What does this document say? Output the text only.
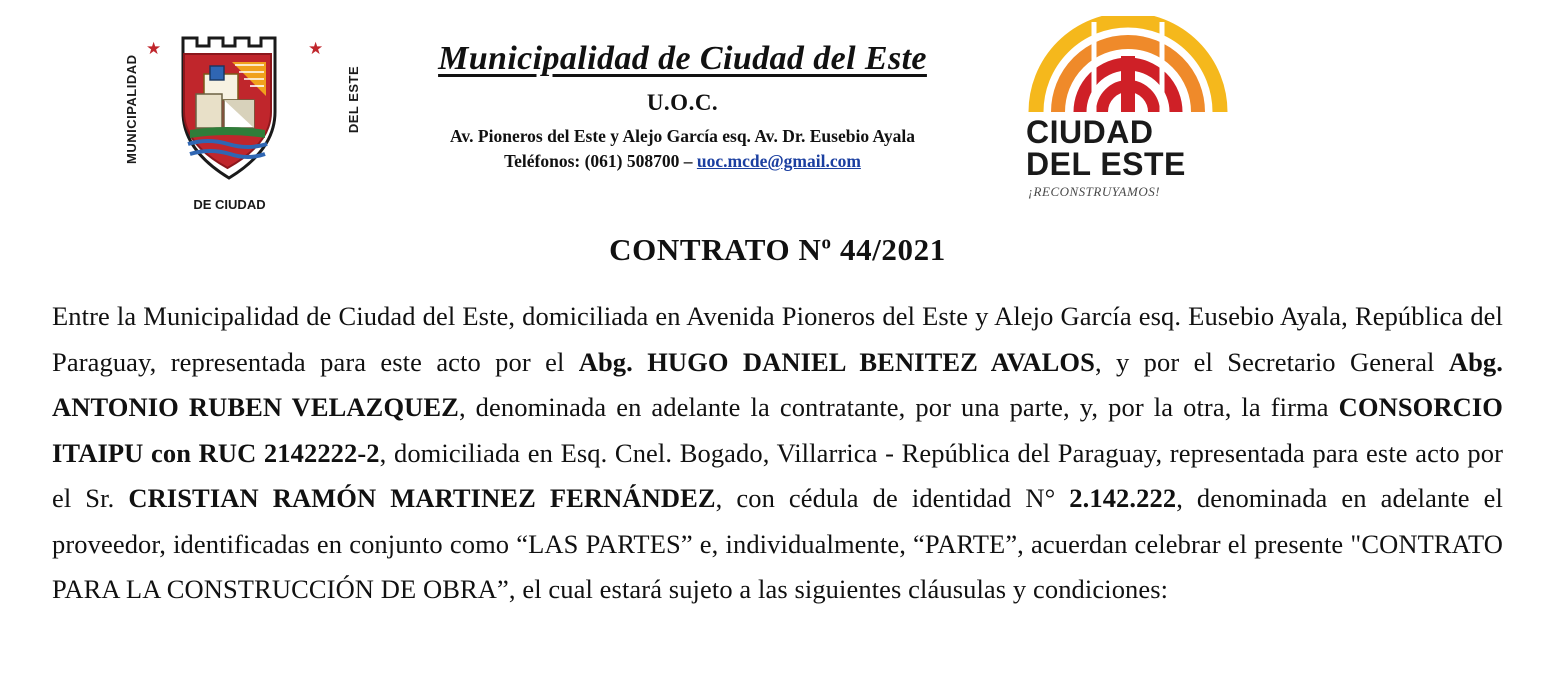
★	★
MUNICIPALIDAD	DEL ESTE
DE CIUDAD
Municipalidad de Ciudad del Este
U.O.C.
Av. Pioneros del Este y Alejo García esq. Av. Dr. Eusebio Ayala
Teléfonos: (061) 508700 – uoc.mcde@gmail.com
CIUDAD
DEL ESTE
¡RECONSTRUYAMOS!
CONTRATO $N^o$ 44/2021
Entre la Municipalidad de Ciudad del Este, domiciliada en Avenida Pioneros del Este y Alejo García esq. Eusebio Ayala, República del Paraguay, representada para este acto por el Abg. HUGO DANIEL BENITEZ AVALOS, y por el Secretario General Abg. ANTONIO RUBEN VELAZQUEZ, denominada en adelante la contratante, por una parte, y, por la otra, la firma CONSORCIO ITAIPU con RUC 2142222-2, domiciliada en Esq. Cnel. Bogado, Villarrica - República del Paraguay, representada para este acto por el Sr. CRISTIAN RAMÓN MARTINEZ FERNÁNDEZ, con cédula de identidad N° 2.142.222, denominada en adelante el proveedor, identificadas en conjunto como “LAS PARTES” e, individualmente, “PARTE”, acuerdan celebrar el presente "CONTRATO PARA LA CONSTRUCCIÓN DE OBRA”, el cual estará sujeto a las siguientes cláusulas y condiciones:
